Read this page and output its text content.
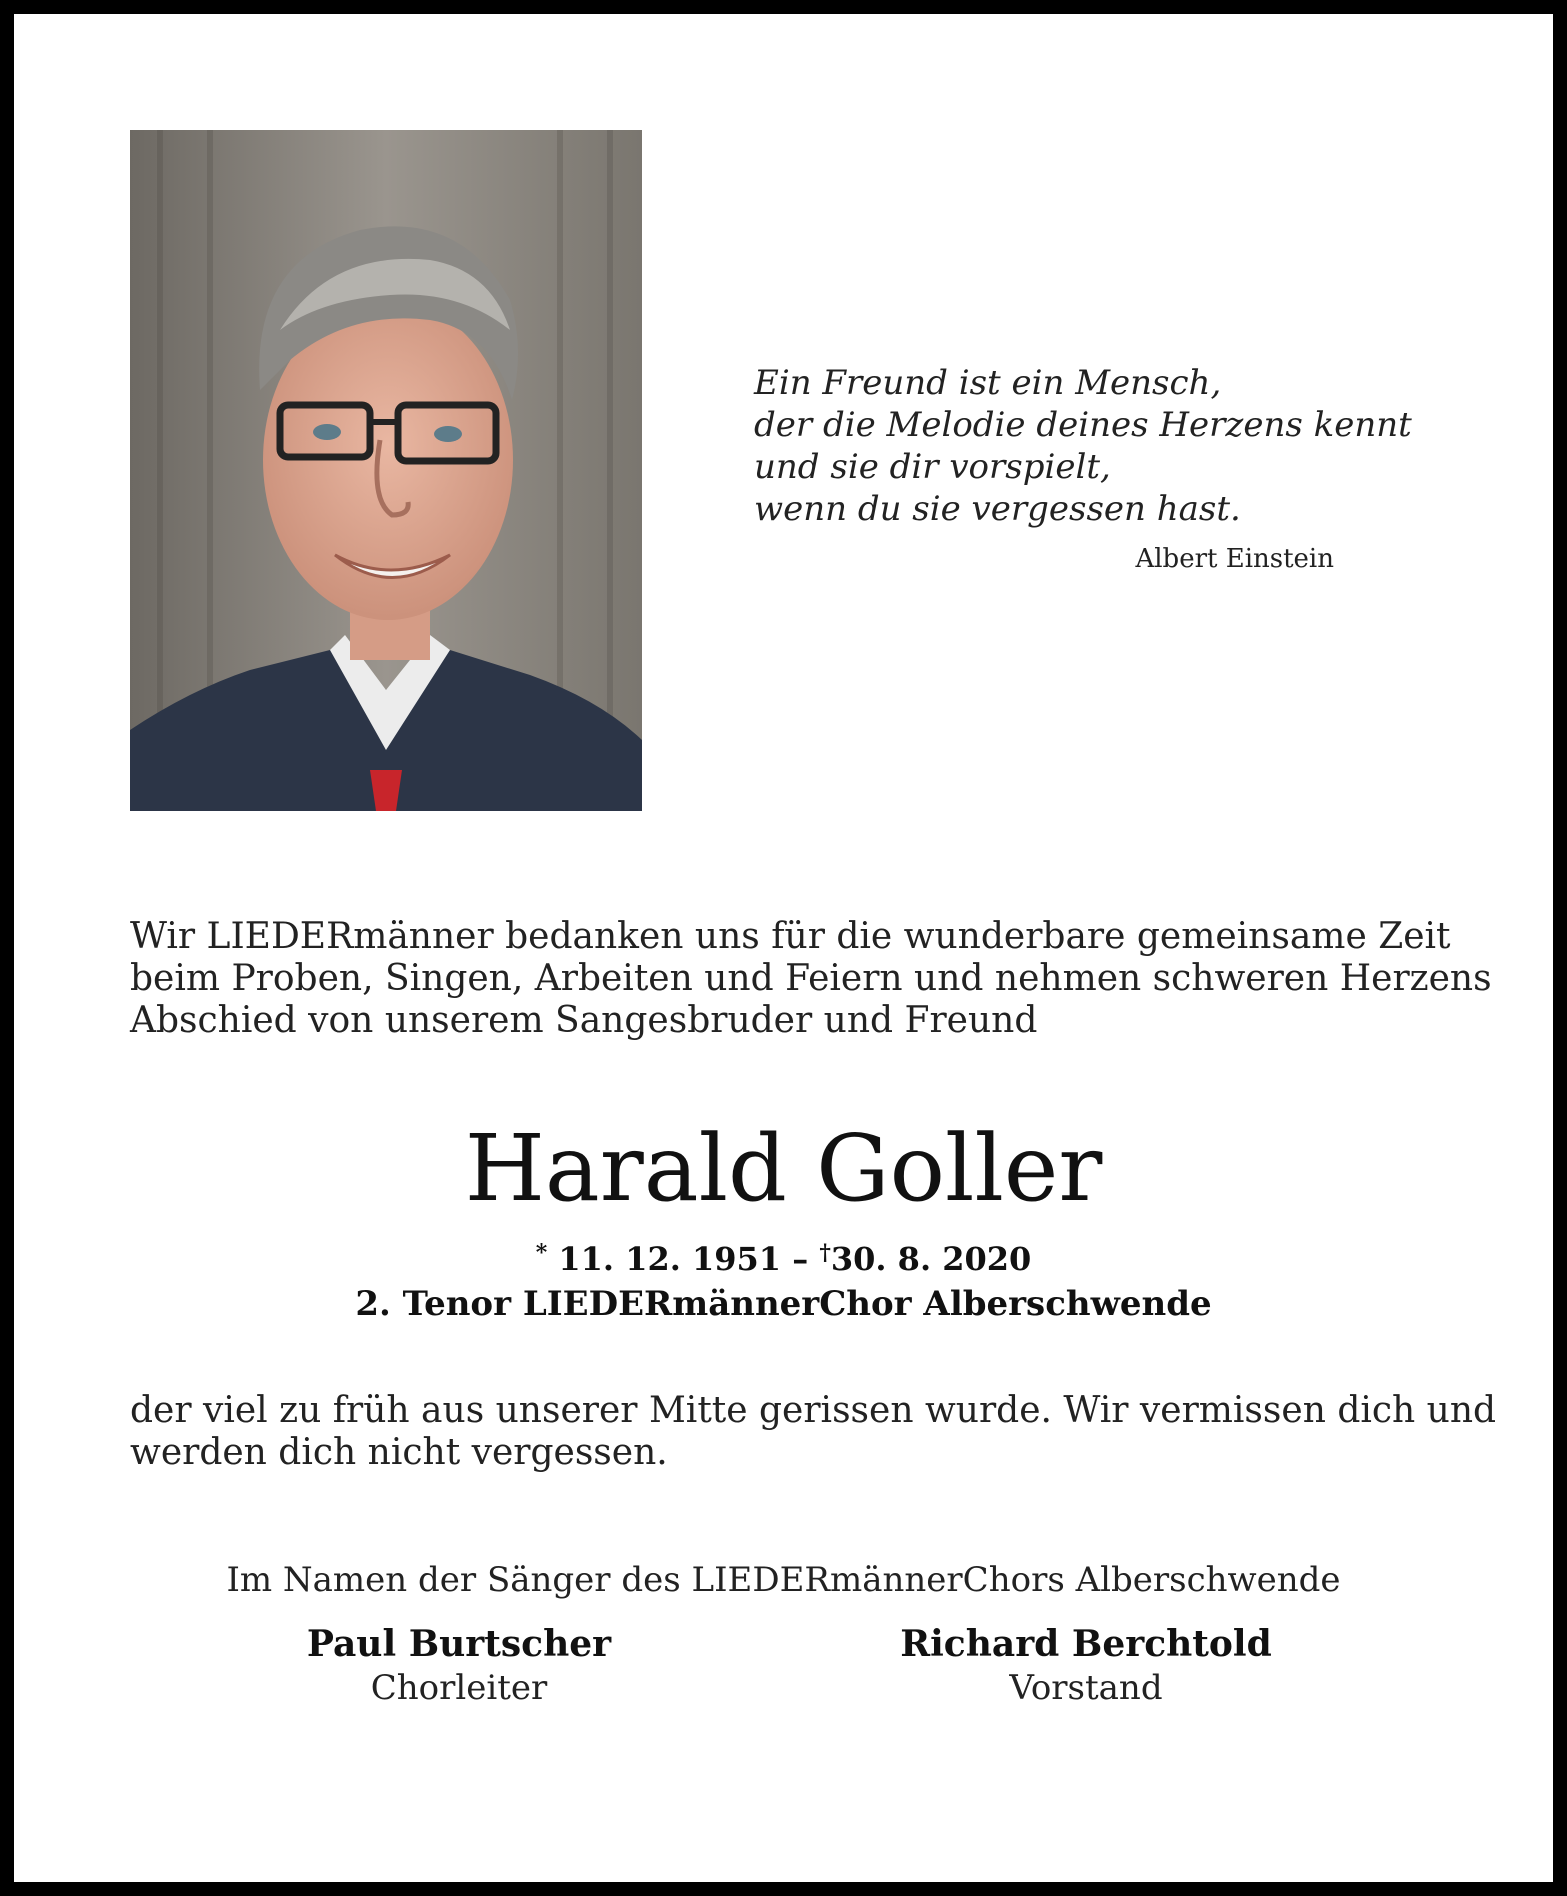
Ein Freund ist ein Mensch,
der die Melodie deines Herzens kennt
und sie dir vorspielt,
wenn du sie vergessen hast.
Albert Einstein
Wir LIEDERmänner bedanken uns für die wunderbare gemeinsame Zeit
beim Proben, Singen, Arbeiten und Feiern und nehmen schweren Herzens
Abschied von unserem Sangesbruder und Freund
Harald Goller
* 11. 12. 1951 – †30. 8. 2020
2. Tenor LIEDERmännerChor Alberschwende
der viel zu früh aus unserer Mitte gerissen wurde. Wir vermissen dich und
werden dich nicht vergessen.
Im Namen der Sänger des LIEDERmännerChors Alberschwende
Paul Burtscher
Chorleiter
Richard Berchtold
Vorstand
